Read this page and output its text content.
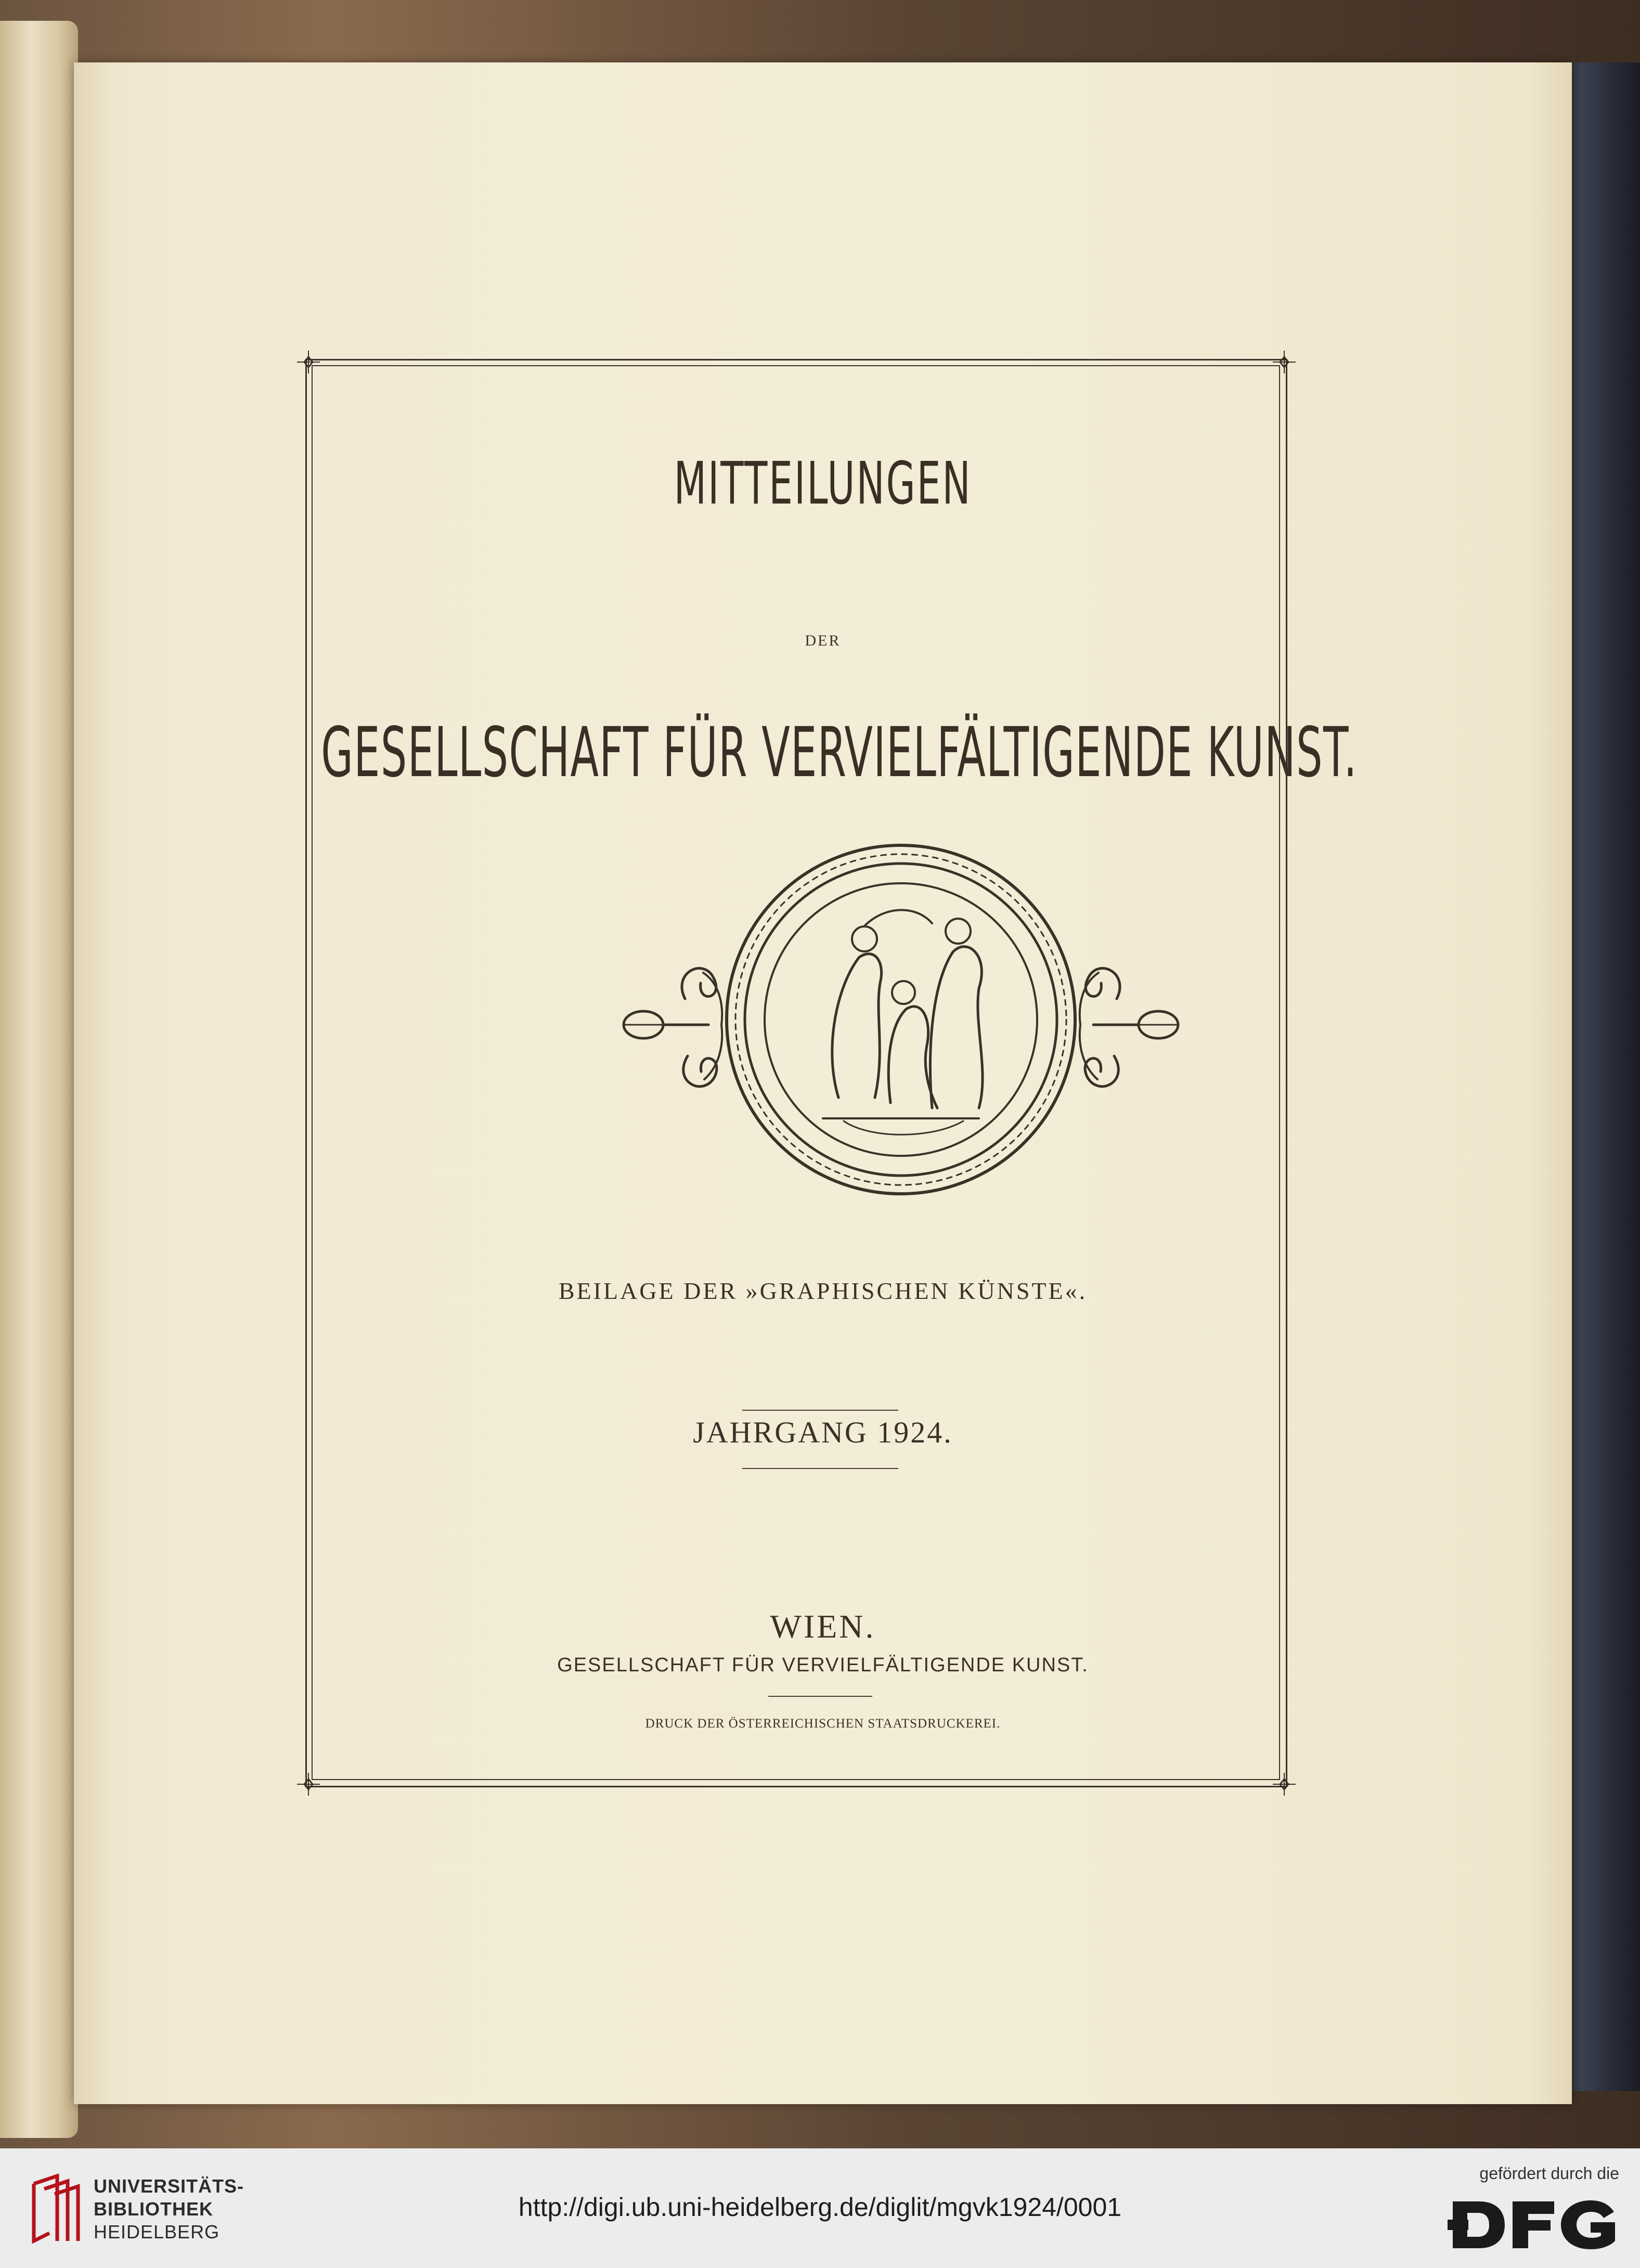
MITTEILUNGEN
DER
GESELLSCHAFT FÜR VERVIELFÄLTIGENDE KUNST.
BEILAGE DER »GRAPHISCHEN KÜNSTE«.
JAHRGANG 1924.
WIEN.
GESELLSCHAFT FÜR VERVIELFÄLTIGENDE KUNST.
DRUCK DER ÖSTERREICHISCHEN STAATSDRUCKEREI.
UNIVERSITÄTS-
BIBLIOTHEK
HEIDELBERG
http://digi.ub.uni-heidelberg.de/diglit/mgvk1924/0001
gefördert durch die
